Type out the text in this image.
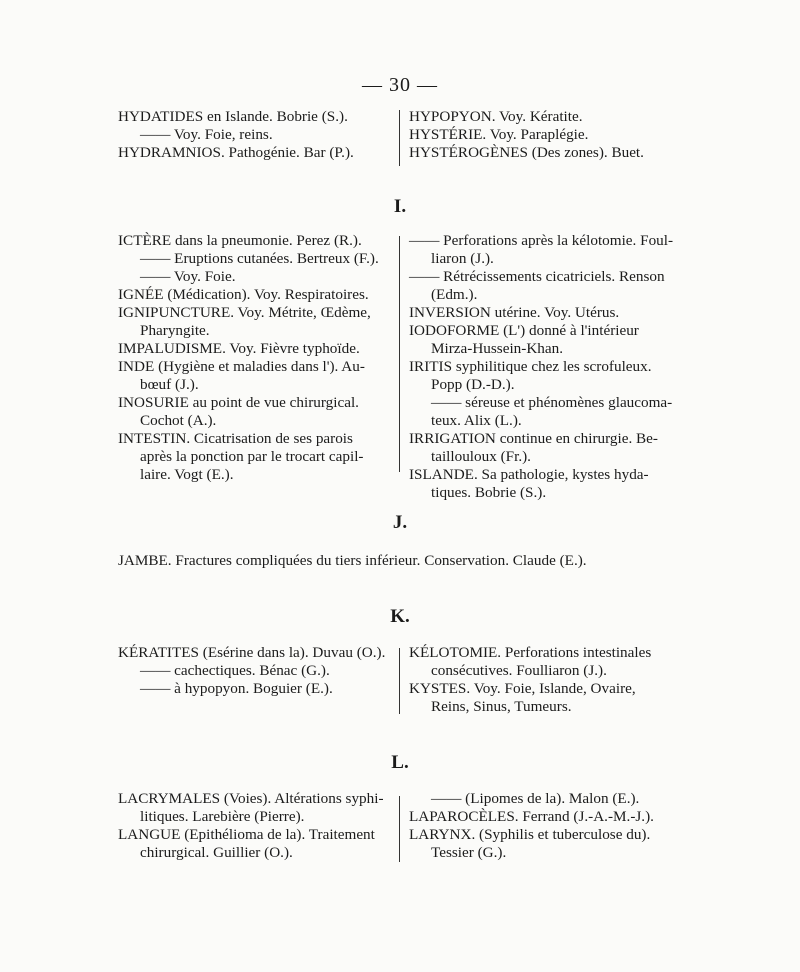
— 30 —

HYDATIDES en Islande. Bobrie (S.).

—— Voy. Foie, reins.

HYDRAMNIOS. Pathogénie. Bar (P.).

HYPOPYON. Voy. Kératite.

HYSTÉRIE. Voy. Paraplégie.

HYSTÉROGÈNES (Des zones). Buet.

I.

ICTÈRE dans la pneumonie. Perez (R.).

—— Eruptions cutanées. Bertreux (F.).

—— Voy. Foie.

IGNÉE (Médication). Voy. Respiratoires.

IGNIPUNCTURE. Voy. Métrite, Œdème,

Pharyngite.

IMPALUDISME. Voy. Fièvre typhoïde.

INDE (Hygiène et maladies dans l'). Au-

bœuf (J.).

INOSURIE au point de vue chirurgical.

Cochot (A.).

INTESTIN. Cicatrisation de ses parois

après la ponction par le trocart capil-

laire. Vogt (E.).

—— Perforations après la kélotomie. Foul-

liaron (J.).

—— Rétrécissements cicatriciels. Renson

(Edm.).

INVERSION utérine. Voy. Utérus.

IODOFORME (L') donné à l'intérieur

Mirza-Hussein-Khan.

IRITIS syphilitique chez les scrofuleux.

Popp (D.-D.).

—— séreuse et phénomènes glaucoma-

teux. Alix (L.).

IRRIGATION continue en chirurgie. Be-

taillouloux (Fr.).

ISLANDE. Sa pathologie, kystes hyda-

tiques. Bobrie (S.).

J.
JAMBE. Fractures compliquées du tiers inférieur. Conservation. Claude (E.).
K.

KÉRATITES (Esérine dans la). Duvau (O.).

—— cachectiques. Bénac (G.).

—— à hypopyon. Boguier (E.).

KÉLOTOMIE. Perforations intestinales

consécutives. Foulliaron (J.).

KYSTES. Voy. Foie, Islande, Ovaire,

Reins, Sinus, Tumeurs.

L.

LACRYMALES (Voies). Altérations syphi-

litiques. Larebière (Pierre).

LANGUE (Epithélioma de la). Traitement

chirurgical. Guillier (O.).

—— (Lipomes de la). Malon (E.).

LAPAROCÈLES. Ferrand (J.-A.-M.-J.).

LARYNX. (Syphilis et tuberculose du).

Tessier (G.).
